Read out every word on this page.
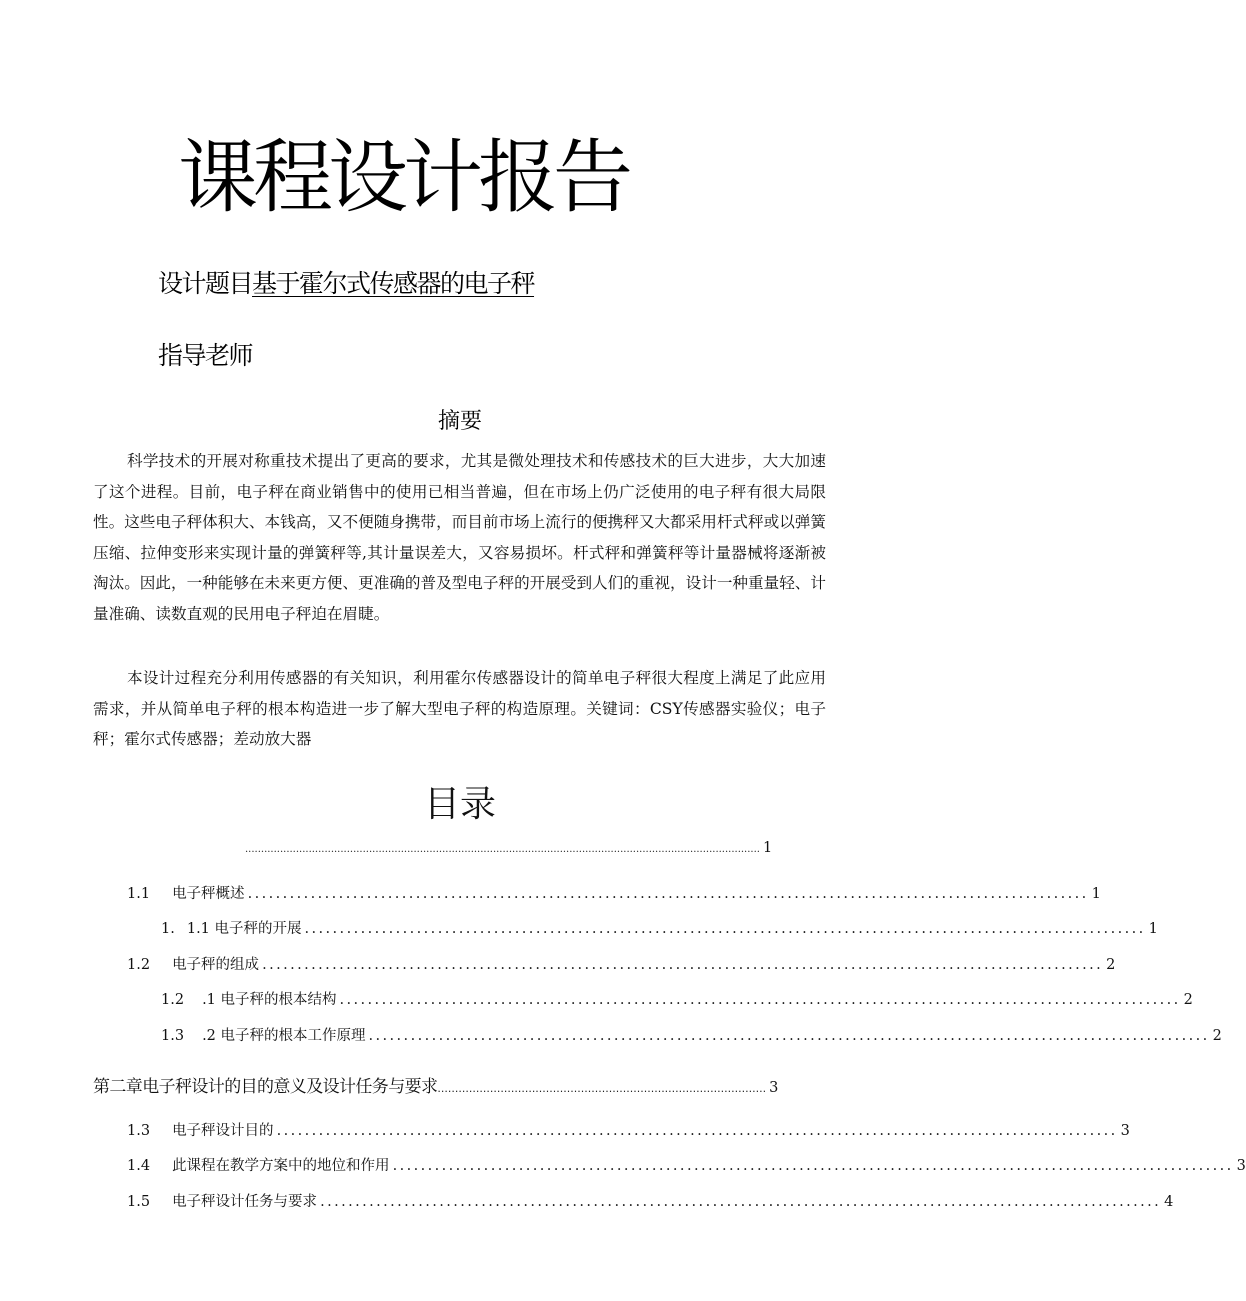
课程设计报告
设计题目基于霍尔式传感器的电子秤
指导老师
摘要

科学技术的开展对称重技术提出了更高的要求，尤其是微处理技术和传感技术的巨大进步，大大加速了这个进程。目前，电子秤在商业销售中的使用已相当普遍，但在市场上仍广泛使用的电子秤有很大局限性。这些电子秤体积大、本钱高，又不便随身携带，而目前市场上流行的便携秤又大都采用杆式秤或以弹簧压缩、拉伸变形来实现计量的弹簧秤等,其计量误差大，又容易损坏。杆式秤和弹簧秤等计量器械将逐渐被淘汰。因此，一种能够在未来更方便、更准确的普及型电子秤的开展受到人们的重视，设计一种重量轻、计量准确、读数直观的民用电子秤迫在眉睫。

本设计过程充分利用传感器的有关知识，利用霍尔传感器设计的简单电子秤很大程度上满足了此应用需求，并从简单电子秤的根本构造进一步了解大型电子秤的构造原理。关键词：CSY传感器实验仪；电子秤；霍尔式传感器；差动放大器

目录
.................................................................................................................................................................. 1
1.1 电子秤概述 ........................................................................................................................ 1
1. 1.1 电子秤的开展 ........................................................................................................................ 1
1.2 电子秤的组成 ........................................................................................................................ 2
1.2 .1 电子秤的根本结构 ........................................................................................................................ 2
1.3 .2 电子秤的根本工作原理 ........................................................................................................................ 2
第二章电子秤设计的目的意义及设计任务与要求 .............................................................................................. 3
1.3 电子秤设计目的 ........................................................................................................................ 3
1.4 此课程在教学方案中的地位和作用 ........................................................................................................................ 3
1.5 电子秤设计任务与要求 ........................................................................................................................ 4
